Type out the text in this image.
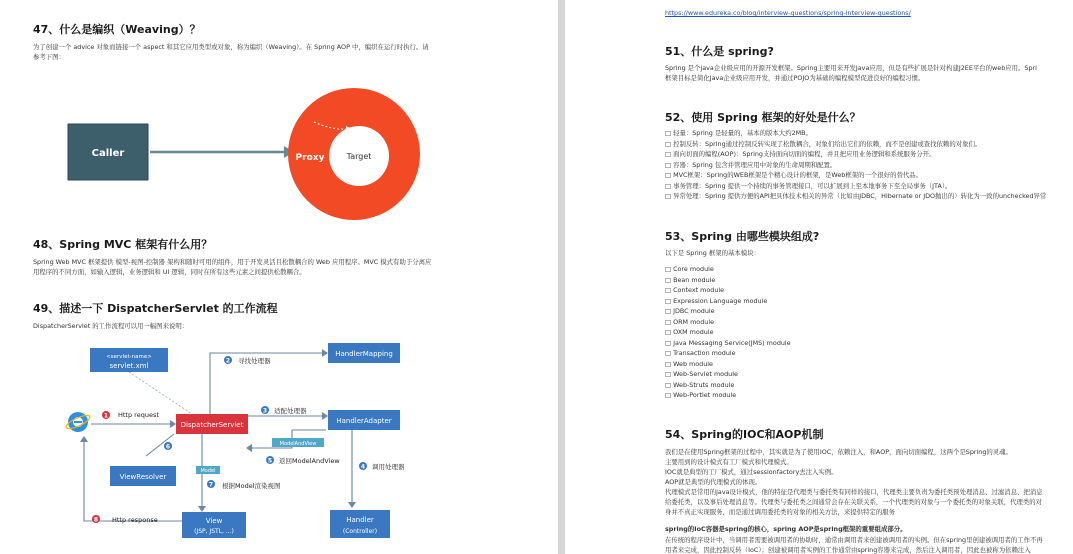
47、什么是编织（Weaving）？

为了创建一个 advice 对象而链接一个 aspect 和其它应用类型或对象，称为编织（Weaving）。在 Spring AOP 中，编织在运行时执行。请

参考下图：

Caller	Proxy	Target
48、Spring MVC 框架有什么用？

Spring Web MVC 框架提供 模型-视图-控制器 架构和随时可用的组件，用于开发灵活且松散耦合的 Web 应用程序。MVC 模式有助于分离应

用程序的不同方面，如输入逻辑，业务逻辑和 UI 逻辑，同时在所有这些元素之间提供松散耦合。

49、描述一下 DispatcherServlet 的工作流程

DispatcherServlet 的工作流程可以用一幅图来说明：

<servlet-name>
servlet.xml
HandlerMapping
DispatcherServlet	HandlerAdapter
ModelAndView
ViewResolver
Model
View
(JSP, JSTL, ...)
Handler
(Controller)
1 Http request
2 寻找处理器
3 适配处理器
4 调用处理器
5 返回ModelAndView
6
7 根据Model渲染视图
8 Http response
https://www.edureka.co/blog/interview-questions/spring-interview-questions/
51、什么是 spring?

Spring 是个java企业级应用的开源开发框架。Spring主要用来开发Java应用，但是有些扩展是针对构建J2EE平台的web应用。Spri

框架目标是简化Java企业级应用开发，并通过POJO为基础的编程模型促进良好的编程习惯。

52、使用 Spring 框架的好处是什么？

□ 轻量：Spring 是轻量的，基本的版本大约2MB。

□ 控制反转：Spring通过控制反转实现了松散耦合，对象们给出它们的依赖，而不是创建或查找依赖的对象们。

□ 面向切面的编程(AOP)：Spring支持面向切面的编程，并且把应用业务逻辑和系统服务分开。

□ 容器：Spring 包含并管理应用中对象的生命周期和配置。

□ MVC框架：Spring的WEB框架是个精心设计的框架，是Web框架的一个很好的替代品。

□ 事务管理：Spring 提供一个持续的事务管理接口，可以扩展到上至本地事务下至全局事务（JTA）。

□ 异常处理：Spring 提供方便的API把具体技术相关的异常（比如由JDBC，Hibernate or JDO抛出的）转化为一致的unchecked异常

53、Spring 由哪些模块组成?

以下是 Spring 框架的基本模块：

□ Core module

□ Bean module

□ Context module

□ Expression Language module

□ JDBC module

□ ORM module

□ OXM module

□ Java Messaging Service(JMS) module

□ Transaction module

□ Web module

□ Web-Servlet module

□ Web-Struts module

□ Web-Portlet module

54、Spring的IOC和AOP机制

我们是在使用Spring框架的过程中，其实就是为了使用IOC，依赖注入，和AOP，面向切面编程，这两个是Spring的灵魂。

主要用到的设计模式有工厂模式和代理模式。

IOC就是典型的工厂模式，通过sessionfactory去注入实例。

AOP就是典型的代理模式的体现。

代理模式是常用的java设计模式，他的特征是代理类与委托类有同样的接口，代理类主要负责为委托类预处理消息、过滤消息、把消息

给委托类，以及事后处理消息等。代理类与委托类之间通常会存在关联关系，一个代理类的对象与一个委托类的对象关联，代理类的对

身并不真正实现服务，而是通过调用委托类的对象的相关方法，来提供特定的服务

spring的IoC容器是spring的核心，spring AOP是spring框架的重要组成部分。

在传统的程序设计中，当调用者需要被调用者的协助时，通常由调用者来创建被调用者的实例。但在spring里创建被调用者的工作不再

用者来完成，因此控制反转（IoC）；创建被调用者实例的工作通常由spring容器来完成，然后注入调用者，因此也被称为依赖注入
